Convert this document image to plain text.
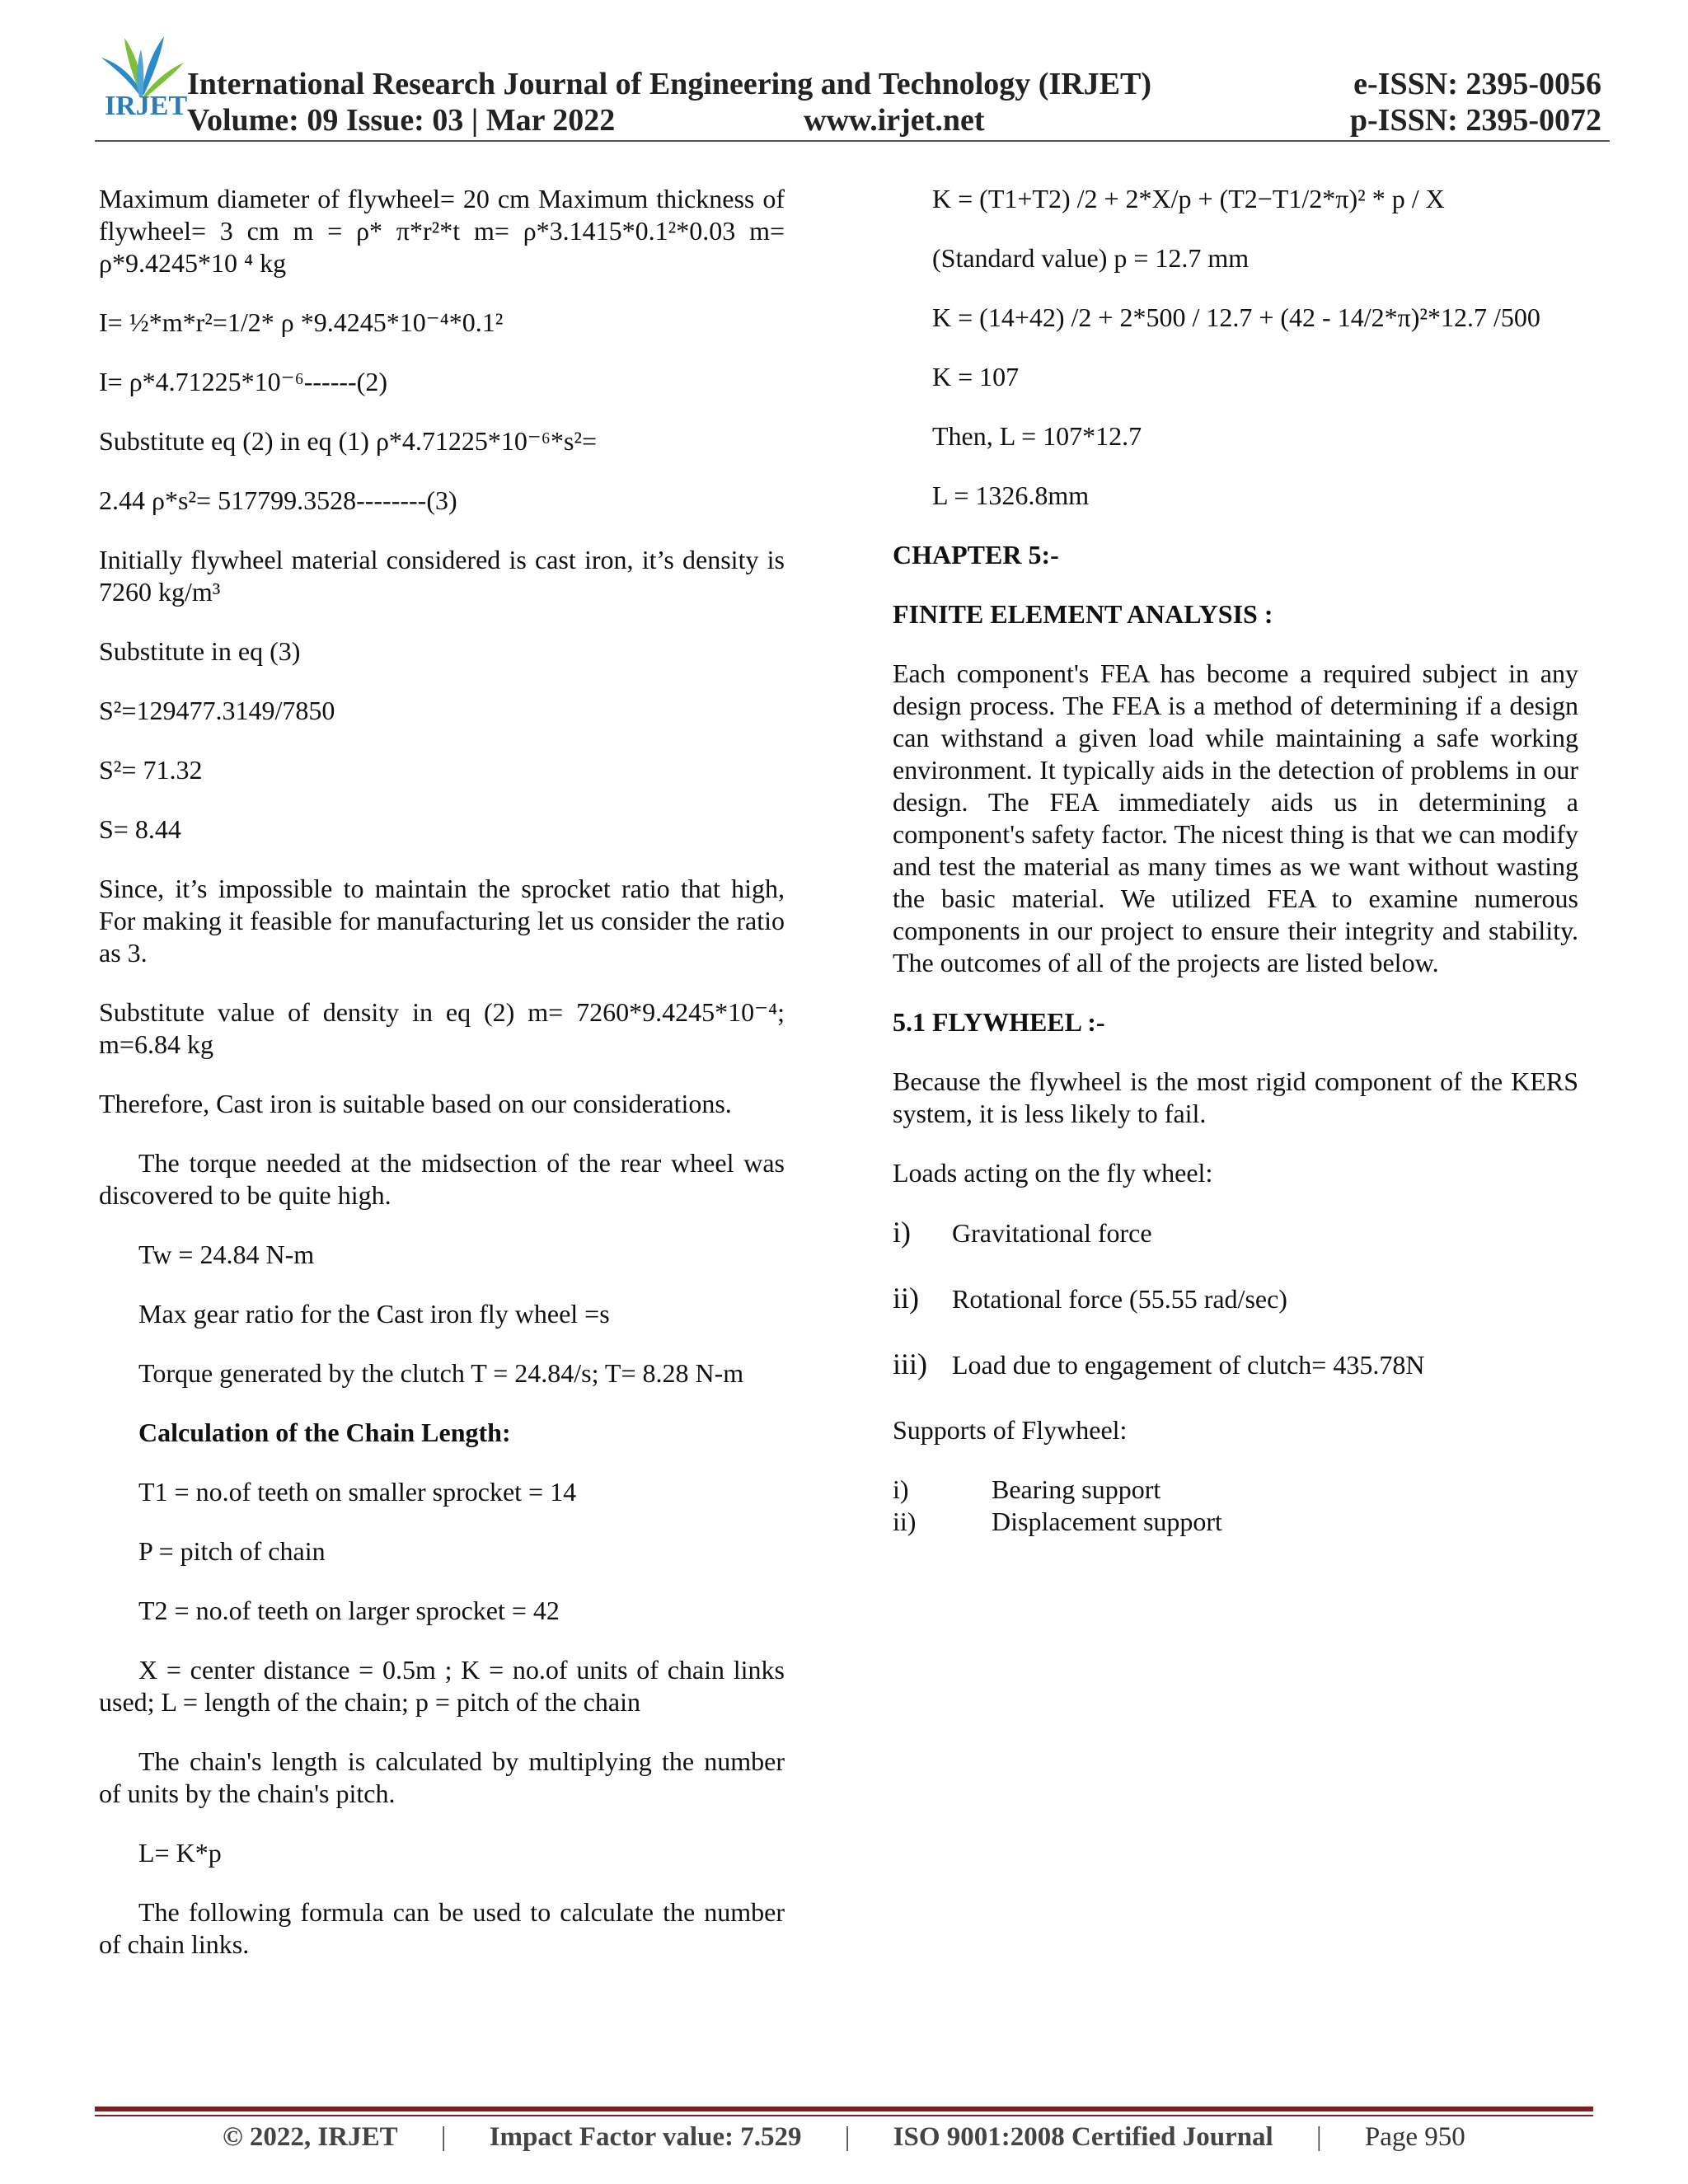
IRJET
International Research Journal of Engineering and Technology (IRJET)
Volume: 09 Issue: 03 | Mar 2022	www.irjet.net
e-ISSN: 2395-0056
p-ISSN: 2395-0072

Maximum diameter of flywheel= 20 cm Maximum thickness of flywheel= 3 cm m = ρ* π*r²*t m= ρ*3.1415*0.1²*0.03 m= ρ*9.4245*10 ⁴ kg

I= ½*m*r²=1/2* ρ *9.4245*10⁻⁴*0.1²

I= ρ*4.71225*10⁻⁶------(2)

Substitute eq (2) in eq (1) ρ*4.71225*10⁻⁶*s²=

2.44 ρ*s²= 517799.3528--------(3)

Initially flywheel material considered is cast iron, it’s density is 7260 kg/m³

Substitute in eq (3)

S²=129477.3149/7850

S²= 71.32

S= 8.44

Since, it’s impossible to maintain the sprocket ratio that high, For making it feasible for manufacturing let us consider the ratio as 3.

Substitute value of density in eq (2) m= 7260*9.4245*10⁻⁴; m=6.84 kg

Therefore, Cast iron is suitable based on our considerations.

The torque needed at the midsection of the rear wheel was discovered to be quite high.

Tw = 24.84 N-m

Max gear ratio for the Cast iron fly wheel =s

Torque generated by the clutch T = 24.84/s; T= 8.28 N-m

Calculation of the Chain Length:

T1 = no.of teeth on smaller sprocket = 14

P = pitch of chain

T2 = no.of teeth on larger sprocket = 42

X = center distance = 0.5m ; K = no.of units of chain links used; L = length of the chain; p = pitch of the chain

The chain's length is calculated by multiplying the number of units by the chain's pitch.

L= K*p

The following formula can be used to calculate the number of chain links.

K = (T1+T2) /2 + 2*X/p + (T2−T1/2*π)² * p / X

(Standard value) p = 12.7 mm

K = (14+42) /2 + 2*500 / 12.7 + (42 - 14/2*π)²*12.7 /500

K = 107

Then, L = 107*12.7

L = 1326.8mm

CHAPTER 5:-

FINITE ELEMENT ANALYSIS :

Each component's FEA has become a required subject in any design process. The FEA is a method of determining if a design can withstand a given load while maintaining a safe working environment. It typically aids in the detection of problems in our design. The FEA immediately aids us in determining a component's safety factor. The nicest thing is that we can modify and test the material as many times as we want without wasting the basic material. We utilized FEA to examine numerous components in our project to ensure their integrity and stability. The outcomes of all of the projects are listed below.

5.1 FLYWHEEL :-

Because the flywheel is the most rigid component of the KERS system, it is less likely to fail.

Loads acting on the fly wheel:

i)	Gravitational force
ii)	Rotational force (55.55 rad/sec)
iii) Load due to engagement of clutch= 435.78N

Supports of Flywheel:

i)	Bearing support
ii)	Displacement support
© 2022, IRJET | Impact Factor value: 7.529 | ISO 9001:2008 Certified Journal | Page 950
